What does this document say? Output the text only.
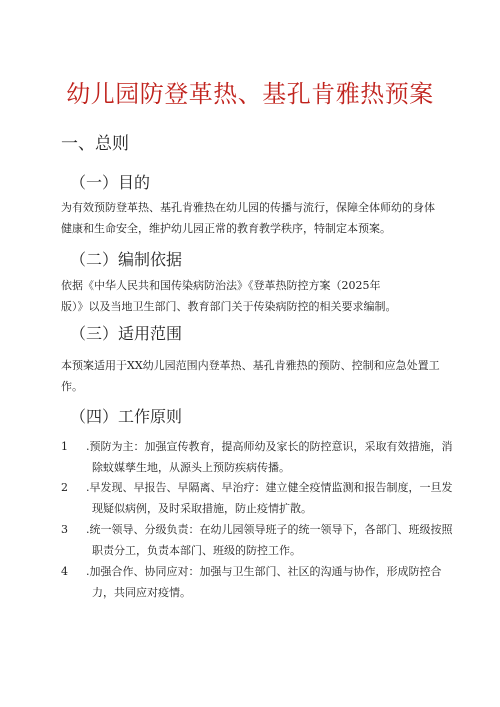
幼儿园防登革热、基孔肯雅热预案
一、总则
（一）目的
为有效预防登革热、基孔肯雅热在幼儿园的传播与流行，保障全体师幼的身体
健康和生命安全，维护幼儿园正常的教育教学秩序，特制定本预案。
（二）编制依据
依据《中华人民共和国传染病防治法》《登革热防控方案（2025年
版）》以及当地卫生部门、教育部门关于传染病防控的相关要求编制。
（三）适用范围
本预案适用于XX幼儿园范围内登革热、基孔肯雅热的预防、控制和应急处置工
作。
（四）工作原则
1	.预防为主：加强宣传教育，提高师幼及家长的防控意识，采取有效措施，消
除蚊媒孳生地，从源头上预防疾病传播。
2	.早发现、早报告、早隔离、早治疗：建立健全疫情监测和报告制度，一旦发
现疑似病例，及时采取措施，防止疫情扩散。
3	.统一领导、分级负责：在幼儿园领导班子的统一领导下，各部门、班级按照
职责分工，负责本部门、班级的防控工作。
4	.加强合作、协同应对：加强与卫生部门、社区的沟通与协作，形成防控合
力，共同应对疫情。
